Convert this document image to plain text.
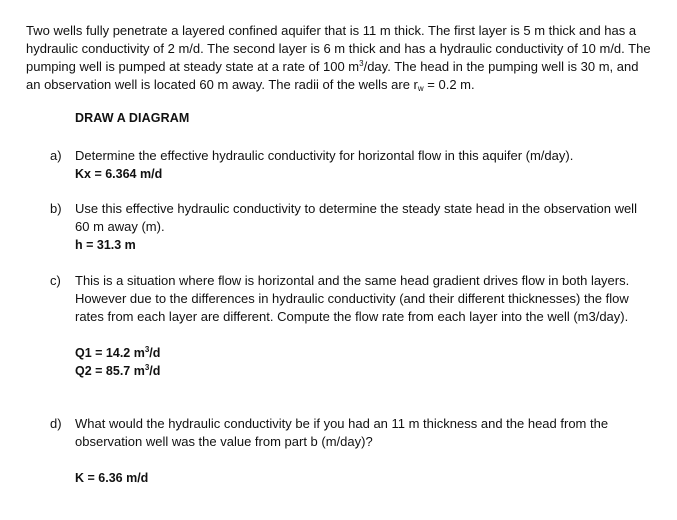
Two wells fully penetrate a layered confined aquifer that is 11 m thick. The first layer is 5 m thick and has a hydraulic conductivity of 2 m/d. The second layer is 6 m thick and has a hydraulic conductivity of 10 m/d. The pumping well is pumped at steady state at a rate of 100 $m^3$/day. The head in the pumping well is 30 m, and an observation well is located 60 m away. The radii of the wells are $r_w = 0.2$ m.
DRAW A DIAGRAM
a)	Determine the effective hydraulic conductivity for horizontal flow in this aquifer (m/day).
Kx = 6.364 m/d
b)	Use this effective hydraulic conductivity to determine the steady state head in the observation well 60 m away (m).
h = 31.3 m
c)	This is a situation where flow is horizontal and the same head gradient drives flow in both layers. However due to the differences in hydraulic conductivity (and their different thicknesses) the flow rates from each layer are different. Compute the flow rate from each layer into the well (m3/day).
Q1 = 14.2 $m^3/d$
Q2 = 85.7 $m^3/d$
d)	What would the hydraulic conductivity be if you had an 11 m thickness and the head from the observation well was the value from part b (m/day)?
K = 6.36 m/d
